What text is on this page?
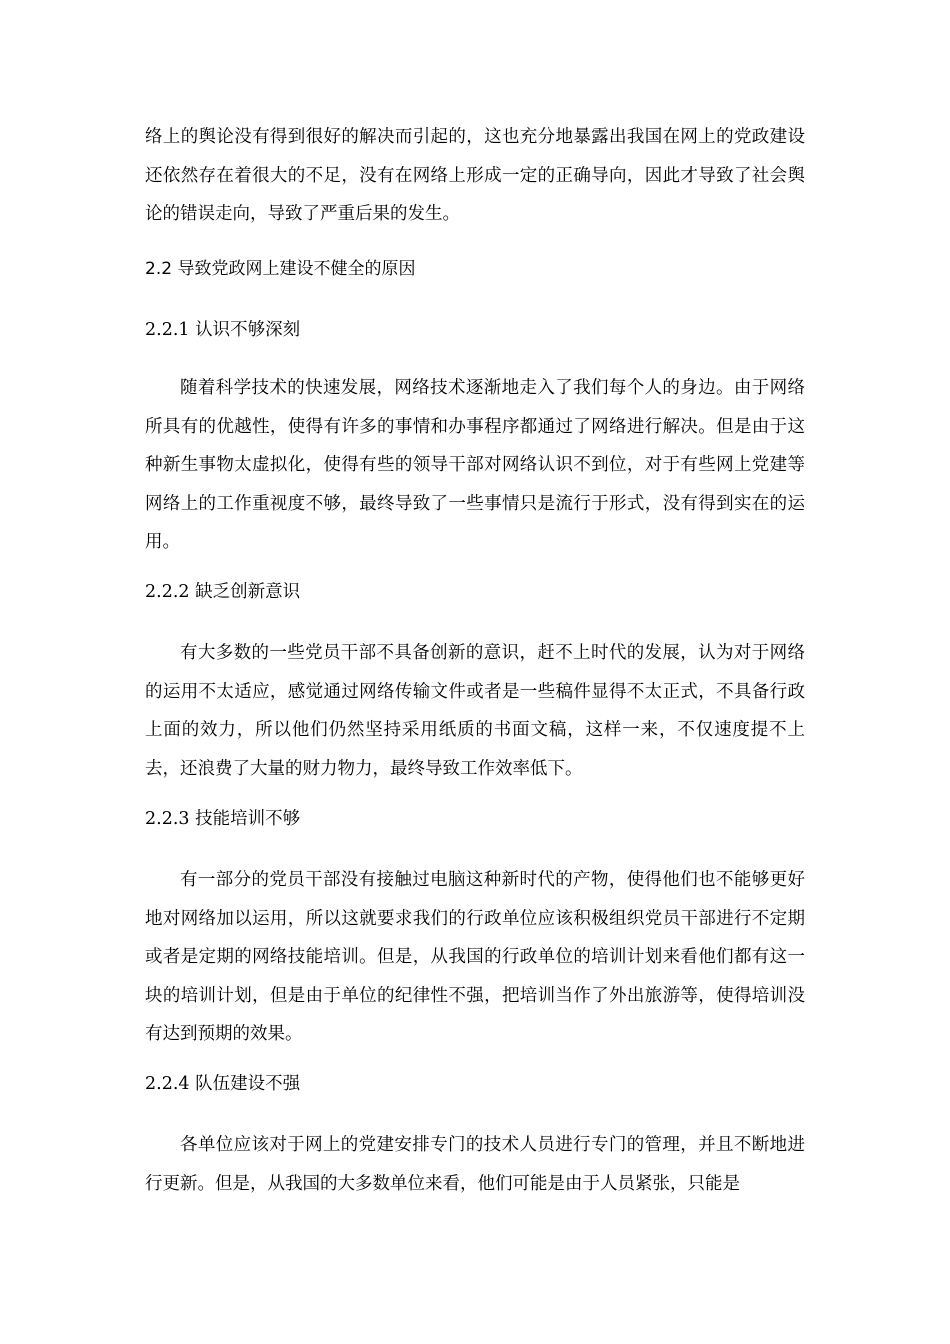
络上的舆论没有得到很好的解决而引起的，这也充分地暴露出我国在网上的党政建设还依然存在着很大的不足，没有在网络上形成一定的正确导向，因此才导致了社会舆论的错误走向，导致了严重后果的发生。

2.2 导致党政网上建设不健全的原因
2.2.1 认识不够深刻

随着科学技术的快速发展，网络技术逐渐地走入了我们每个人的身边。由于网络所具有的优越性，使得有许多的事情和办事程序都通过了网络进行解决。但是由于这种新生事物太虚拟化，使得有些的领导干部对网络认识不到位，对于有些网上党建等网络上的工作重视度不够，最终导致了一些事情只是流行于形式，没有得到实在的运用。

2.2.2 缺乏创新意识

有大多数的一些党员干部不具备创新的意识，赶不上时代的发展，认为对于网络的运用不太适应，感觉通过网络传输文件或者是一些稿件显得不太正式，不具备行政上面的效力，所以他们仍然坚持采用纸质的书面文稿，这样一来，不仅速度提不上去，还浪费了大量的财力物力，最终导致工作效率低下。

2.2.3 技能培训不够

有一部分的党员干部没有接触过电脑这种新时代的产物，使得他们也不能够更好地对网络加以运用，所以这就要求我们的行政单位应该积极组织党员干部进行不定期或者是定期的网络技能培训。但是，从我国的行政单位的培训计划来看他们都有这一块的培训计划，但是由于单位的纪律性不强，把培训当作了外出旅游等，使得培训没有达到预期的效果。

2.2.4 队伍建设不强

各单位应该对于网上的党建安排专门的技术人员进行专门的管理，并且不断地进行更新。但是，从我国的大多数单位来看，他们可能是由于人员紧张，只能是
